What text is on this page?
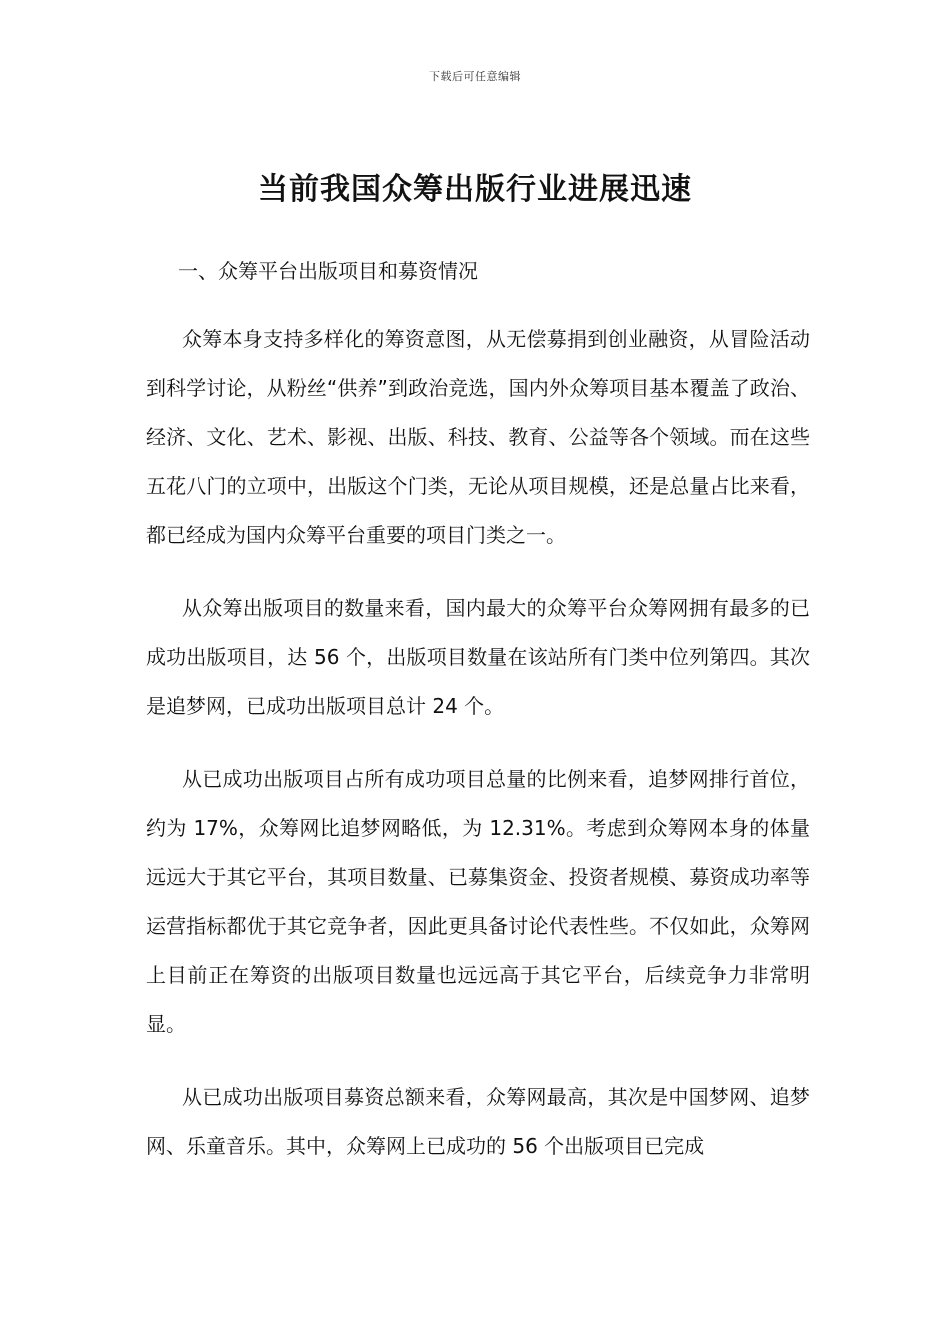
下载后可任意编辑
当前我国众筹出版行业进展迅速

一、众筹平台出版项目和募资情况

众筹本身支持多样化的筹资意图，从无偿募捐到创业融资，从冒险活动到科学讨论，从粉丝“供养”到政治竞选，国内外众筹项目基本覆盖了政治、经济、文化、艺术、影视、出版、科技、教育、公益等各个领域。而在这些五花八门的立项中，出版这个门类，无论从项目规模，还是总量占比来看，都已经成为国内众筹平台重要的项目门类之一。

从众筹出版项目的数量来看，国内最大的众筹平台众筹网拥有最多的已成功出版项目，达 56 个，出版项目数量在该站所有门类中位列第四。其次是追梦网，已成功出版项目总计 24 个。

从已成功出版项目占所有成功项目总量的比例来看，追梦网排行首位，约为 17%，众筹网比追梦网略低，为 12.31%。考虑到众筹网本身的体量远远大于其它平台，其项目数量、已募集资金、投资者规模、募资成功率等运营指标都优于其它竞争者，因此更具备讨论代表性些。不仅如此，众筹网上目前正在筹资的出版项目数量也远远高于其它平台，后续竞争力非常明显。

从已成功出版项目募资总额来看，众筹网最高，其次是中国梦网、追梦网、乐童音乐。其中，众筹网上已成功的 56 个出版项目已完成
